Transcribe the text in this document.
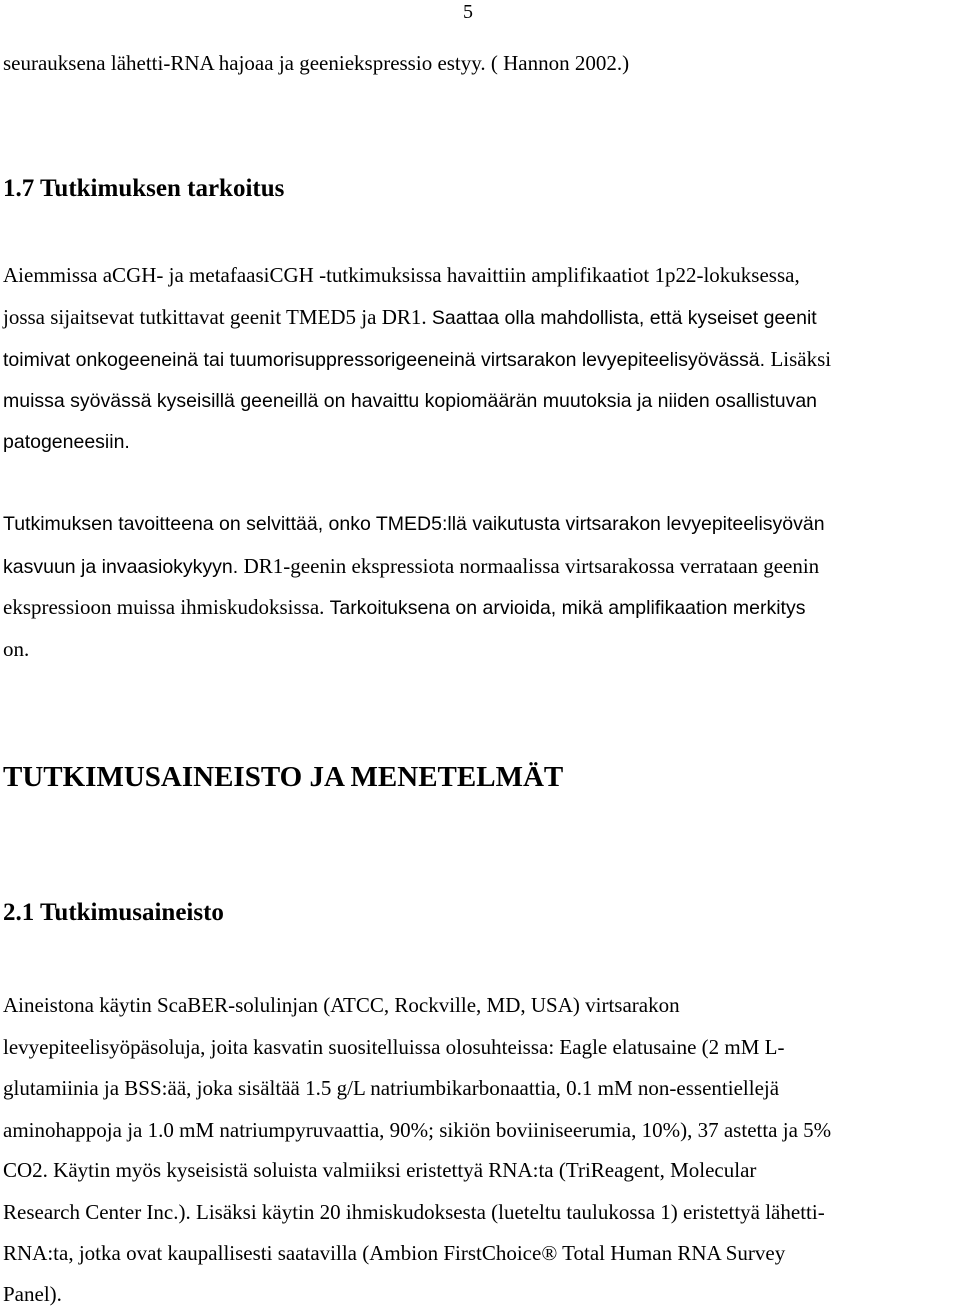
5
seurauksena lähetti-RNA hajoaa ja geeniekspressio estyy. ( Hannon 2002.)
1.7 Tutkimuksen tarkoitus
Aiemmissa aCGH- ja metafaasiCGH -tutkimuksissa havaittiin amplifikaatiot 1p22-lokuksessa,
jossa sijaitsevat tutkittavat geenit TMED5 ja DR1. Saattaa olla mahdollista, että kyseiset geenit
toimivat onkogeeneinä tai tuumorisuppressorigeeneinä virtsarakon levyepiteelisyövässä. Lisäksi
muissa syövässä kyseisillä geeneillä on havaittu kopiomäärän muutoksia ja niiden osallistuvan
patogeneesiin.
Tutkimuksen tavoitteena on selvittää, onko TMED5:llä vaikutusta virtsarakon levyepiteelisyövän
kasvuun ja invaasiokykyyn. DR1-geenin ekspressiota normaalissa virtsarakossa verrataan geenin
ekspressioon muissa ihmiskudoksissa. Tarkoituksena on arvioida, mikä amplifikaation merkitys
on.
TUTKIMUSAINEISTO JA MENETELMÄT
2.1 Tutkimusaineisto
Aineistona käytin ScaBER-solulinjan (ATCC, Rockville, MD, USA) virtsarakon
levyepiteelisyöpäsoluja, joita kasvatin suositelluissa olosuhteissa: Eagle elatusaine (2 mM L-
glutamiinia ja BSS:ää, joka sisältää 1.5 g/L natriumbikarbonaattia, 0.1 mM non-essentiellejä
aminohappoja ja 1.0 mM natriumpyruvaattia, 90%; sikiön boviiniseerumia, 10%), 37 astetta ja 5%
CO2. Käytin myös kyseisistä soluista valmiiksi eristettyä RNA:ta (TriReagent, Molecular
Research Center Inc.). Lisäksi käytin 20 ihmiskudoksesta (lueteltu taulukossa 1) eristettyä lähetti-
RNA:ta, jotka ovat kaupallisesti saatavilla (Ambion FirstChoice® Total Human RNA Survey
Panel).
